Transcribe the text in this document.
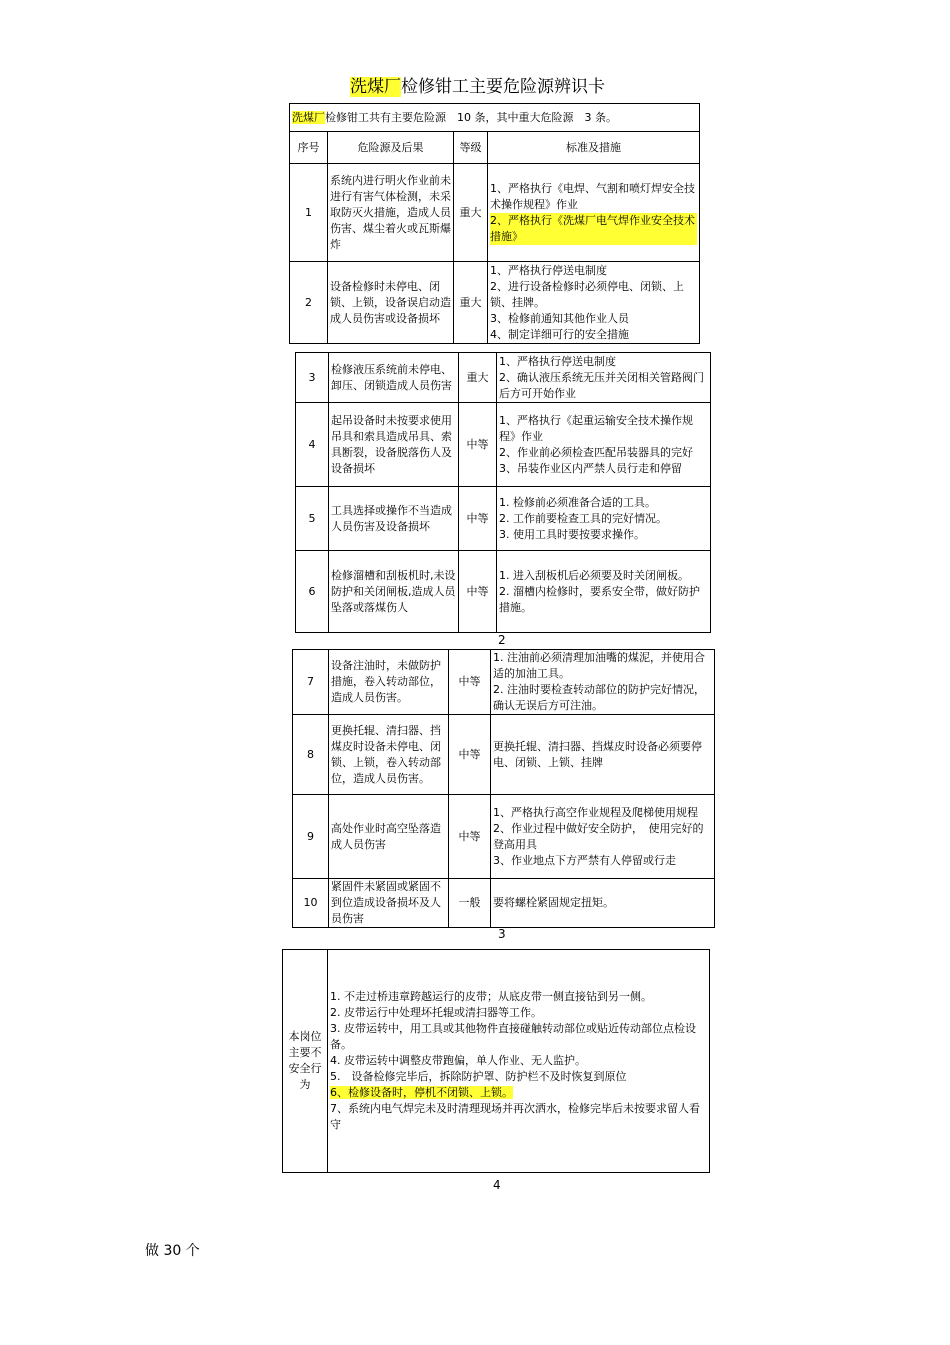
洗煤厂检修钳工主要危险源辨识卡
洗煤厂检修钳工共有主要危险源　10 条，其中重大危险源　3 条。			
序号	危险源及后果	等级	标准及措施
1	系统内进行明火作业前未进行有害气体检测，未采取防灭火措施，造成人员伤害、煤尘着火或瓦斯爆炸	重大	1、严格执行《电焊、气割和喷灯焊安全技术操作规程》作业
2、严格执行《洗煤厂电气焊作业安全技术措施》

2	设备检修时未停电、闭锁、上锁，设备误启动造成人员伤害或设备损坏	重大	1、严格执行停送电制度
2、进行设备检修时必须停电、闭锁、上锁、挂牌。
3、检修前通知其他作业人员
4、制定详细可行的安全措施
3	检修液压系统前未停电、卸压、闭锁造成人员伤害	重大	1、严格执行停送电制度
2、确认液压系统无压并关闭相关管路阀门后方可开始作业

4	起吊设备时未按要求使用吊具和索具造成吊具、索具断裂，设备脱落伤人及设备损坏	中等	1、严格执行《起重运输安全技术操作规程》作业
2、作业前必须检查匹配吊装器具的完好
3、吊装作业区内严禁人员行走和停留

5	工具选择或操作不当造成人员伤害及设备损坏	中等	1. 检修前必须准备合适的工具。
2. 工作前要检查工具的完好情况。
3. 使用工具时要按要求操作。

6	检修溜槽和刮板机时,未设防护和关闭闸板,造成人员坠落或落煤伤人	中等	1. 进入刮板机后必须要及时关闭闸板。
2. 溜槽内检修时，要系安全带，做好防护措施。
2
7	设备注油时，未做防护措施，卷入转动部位，造成人员伤害。	中等	1. 注油前必须清理加油嘴的煤泥，并使用合适的加油工具。
2. 注油时要检查转动部位的防护完好情况，确认无误后方可注油。

8	更换托辊、清扫器、挡煤皮时设备未停电、闭锁、上锁，卷入转动部位，造成人员伤害。	中等	更换托辊、清扫器、挡煤皮时设备必须要停电、闭锁、上锁、挂牌

9	高处作业时高空坠落造成人员伤害	中等	1、严格执行高空作业规程及爬梯使用规程
2、作业过程中做好安全防护，　使用完好的登高用具
3、作业地点下方严禁有人停留或行走

10	紧固件未紧固或紧固不到位造成设备损坏及人员伤害	一般	要将螺栓紧固规定扭矩。
3
本岗位主要不安全行为	
1. 不走过桥违章跨越运行的皮带；从底皮带一侧直接钻到另一侧。
2. 皮带运行中处理坏托辊或清扫器等工作。
3. 皮带运转中，用工具或其他物件直接碰触转动部位或贴近传动部位点检设备。
4. 皮带运转中调整皮带跑偏，单人作业、无人监护。
5.　设备检修完毕后，拆除防护罩、防护栏不及时恢复到原位
6、检修设备时，停机不闭锁、上锁。
7、系统内电气焊完未及时清理现场并再次洒水，检修完毕后未按要求留人看守
4
做 30 个
